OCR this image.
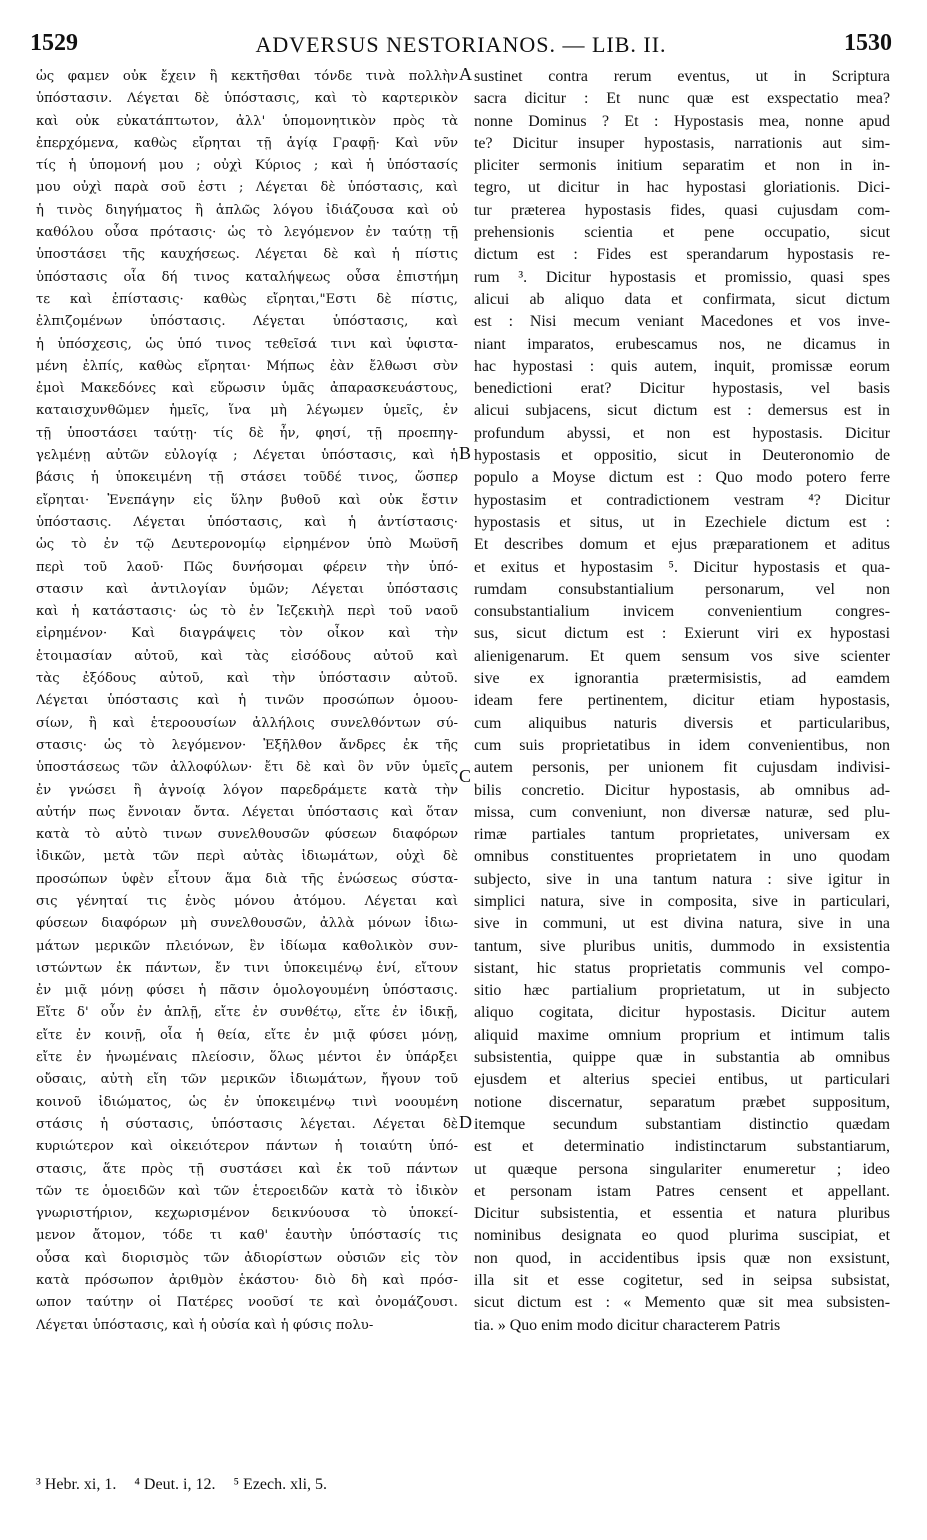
1529	ADVERSUS NESTORIANOS. — LIB. II.	1530
ὡς φαμεν οὐκ ἔχειν ἢ κεκτῆσθαι τόνδε τινὰ πολλὴν
ὑπόστασιν. Λέγεται δὲ ὑπόστασις, καὶ τὸ καρτερικὸν
καὶ οὐκ εὐκατάπτωτον, ἀλλ' ὑπομονητικὸν πρὸς τὰ
ἐπερχόμενα, καθὼς εἴρηται τῇ ἁγίᾳ Γραφῇ· Καὶ νῦν
τίς ἡ ὑπομονή μου ; οὐχὶ Κύριος ; καὶ ἡ ὑπόστασίς
μου οὐχὶ παρὰ σοῦ ἐστι ; Λέγεται δὲ ὑπόστασις, καὶ
ἡ τινὸς διηγήματος ἢ ἁπλῶς λόγου ἰδιάζουσα καὶ οὐ
καθόλου οὖσα πρότασις· ὡς τὸ λεγόμενον ἐν ταύτῃ τῇ
ὑποστάσει τῆς καυχήσεως. Λέγεται δὲ καὶ ἡ πίστις
ὑπόστασις οἷα δή τινος καταλήψεως οὖσα ἐπιστήμη
τε καὶ ἐπίστασις· καθὼς εἴρηται,"Εστι δὲ πίστις,
ἐλπιζομένων ὑπόστασις. Λέγεται ὑπόστασις, καὶ
ἡ ὑπόσχεσις, ὡς ὑπό τινος τεθεῖσά τινι καὶ ὑφιστα-
μένη ἐλπίς, καθὼς εἴρηται· Μήπως ἐὰν ἔλθωσι σὺν
ἐμοὶ Μακεδόνες καὶ εὕρωσιν ὑμᾶς ἀπαρασκευάστους,
καταισχυνθῶμεν ἡμεῖς, ἵνα μὴ λέγωμεν ὑμεῖς, ἐν
τῇ ὑποστάσει ταύτῃ· τίς δὲ ἦν, φησί, τῇ προεπηγ-
γελμένῃ αὐτῶν εὐλογίᾳ ; Λέγεται ὑπόστασις, καὶ ἡ
βάσις ἡ ὑποκειμένη τῇ στάσει τοῦδέ τινος, ὥσπερ
εἴρηται· Ἐνεπάγην εἰς ὕλην βυθοῦ καὶ οὐκ ἔστιν
ὑπόστασις. Λέγεται ὑπόστασις, καὶ ἡ ἀντίστασις·
ὡς τὸ ἐν τῷ Δευτερονομίῳ εἰρημένον ὑπὸ Μωϋσῆ
περὶ τοῦ λαοῦ· Πῶς δυνήσομαι φέρειν τὴν ὑπό-
στασιν καὶ ἀντιλογίαν ὑμῶν; Λέγεται ὑπόστασις
καὶ ἡ κατάστασις· ὡς τὸ ἐν Ἰεζεκιὴλ περὶ τοῦ ναοῦ
εἰρημένον· Καὶ διαγράψεις τὸν οἶκον καὶ τὴν
ἑτοιμασίαν αὐτοῦ, καὶ τὰς εἰσόδους αὐτοῦ καὶ
τὰς ἐξόδους αὐτοῦ, καὶ τὴν ὑπόστασιν αὐτοῦ.
Λέγεται ὑπόστασις καὶ ἡ τινῶν προσώπων ὁμοου-
σίων, ἢ καὶ ἑτεροουσίων ἀλλήλοις συνελθόντων σύ-
στασις· ὡς τὸ λεγόμενον· Ἐξῆλθον ἄνδρες ἐκ τῆς
ὑποστάσεως τῶν ἀλλοφύλων· ἔτι δὲ καὶ ὃν νῦν ὑμεῖς
ἐν γνώσει ἢ ἀγνοίᾳ λόγον παρεδράμετε κατὰ τὴν
αὐτήν πως ἔννοιαν ὄντα. Λέγεται ὑπόστασις καὶ ὅταν
κατὰ τὸ αὐτὸ τινων συνελθουσῶν φύσεων διαφόρων
ἰδικῶν, μετὰ τῶν περὶ αὐτὰς ἰδιωμάτων, οὐχὶ δὲ
προσώπων ὑφὲν εἶτουν ἅμα διὰ τῆς ἑνώσεως σύστα-
σις γένηταί τις ἑνὸς μόνου ἀτόμου. Λέγεται καὶ
φύσεων διαφόρων μὴ συνελθουσῶν, ἀλλὰ μόνων ἰδιω-
μάτων μερικῶν πλειόνων, ἓν ἰδίωμα καθολικὸν συν-
ιστώντων ἐκ πάντων, ἔν τινι ὑποκειμένῳ ἑνί, εἴτουν
ἐν μιᾷ μόνῃ φύσει ἡ πᾶσιν ὁμολογουμένη ὑπόστασις.
Εἴτε δ' οὖν ἐν ἁπλῇ, εἴτε ἐν συνθέτῳ, εἴτε ἐν ἰδικῇ,
εἴτε ἐν κοινῇ, οἷα ἡ θεία, εἴτε ἐν μιᾷ φύσει μόνῃ,
εἴτε ἐν ἡνωμέναις πλείοσιν, ὅλως μέντοι ἐν ὑπάρξει
οὔσαις, αὐτὴ εἴη τῶν μερικῶν ἰδιωμάτων, ἤγουν τοῦ
κοινοῦ ἰδιώματος, ὡς ἐν ὑποκειμένῳ τινὶ νοουμένη
στάσις ἡ σύστασις, ὑπόστασις λέγεται. Λέγεται δὲ
κυριώτερον καὶ οἰκειότερον πάντων ἡ τοιαύτη ὑπό-
στασις, ἅτε πρὸς τῇ συστάσει καὶ ἐκ τοῦ πάντων
τῶν τε ὁμοειδῶν καὶ τῶν ἑτεροειδῶν κατὰ τὸ ἰδικὸν
γνωριστήριον, κεχωρισμένον δεικνύουσα τὸ ὑποκεί-
μενον ἄτομον, τόδε τι καθ' ἑαυτὴν ὑπόστασίς τις
οὖσα καὶ διορισμὸς τῶν ἀδιορίστων οὐσιῶν εἰς τὸν
κατὰ πρόσωπον ἀριθμὸν ἑκάστου· διὸ δὴ καὶ πρόσ-
ωπον ταύτην οἱ Πατέρες νοοῦσί τε καὶ ὀνομάζουσι.
Λέγεται ὑπόστασις, καὶ ἡ οὐσία καὶ ἡ φύσις πολυ-
sustinet contra rerum eventus, ut in Scriptura
sacra dicitur : Et nunc quæ est exspectatio mea?
nonne Dominus ? Et : Hypostasis mea, nonne apud
te? Dicitur insuper hypostasis, narrationis aut sim-
pliciter sermonis initium separatim et non in in-
tegro, ut dicitur in hac hypostasi gloriationis. Dici-
tur præterea hypostasis fides, quasi cujusdam com-
prehensionis scientia et pene occupatio, sicut
dictum est : Fides est sperandarum hypostasis re-
rum ³. Dicitur hypostasis et promissio, quasi spes
alicui ab aliquo data et confirmata, sicut dictum
est : Nisi mecum veniant Macedones et vos inve-
niant imparatos, erubescamus nos, ne dicamus in
hac hypostasi : quis autem, inquit, promissæ eorum
benedictioni erat? Dicitur hypostasis, vel basis
alicui subjacens, sicut dictum est : demersus est in
profundum abyssi, et non est hypostasis. Dicitur
hypostasis et oppositio, sicut in Deuteronomio de
populo a Moyse dictum est : Quo modo potero ferre
hypostasim et contradictionem vestram ⁴? Dicitur
hypostasis et situs, ut in Ezechiele dictum est :
Et describes domum et ejus præparationem et aditus
et exitus et hypostasim ⁵. Dicitur hypostasis et qua-
rumdam consubstantialium personarum, vel non
consubstantialium invicem convenientium congres-
sus, sicut dictum est : Exierunt viri ex hypostasi
alienigenarum. Et quem sensum vos sive scienter
sive ex ignorantia prætermisistis, ad eamdem
ideam fere pertinentem, dicitur etiam hypostasis,
cum aliquibus naturis diversis et particularibus,
cum suis proprietatibus in idem convenientibus, non
autem personis, per unionem fit cujusdam indivisi-
bilis concretio. Dicitur hypostasis, ab omnibus ad-
missa, cum conveniunt, non diversæ naturæ, sed plu-
rimæ partiales tantum proprietates, universam ex
omnibus constituentes proprietatem in uno quodam
subjecto, sive in una tantum natura : sive igitur in
simplici natura, sive in composita, sive in particulari,
sive in communi, ut est divina natura, sive in una
tantum, sive pluribus unitis, dummodo in exsistentia
sistant, hic status proprietatis communis vel compo-
sitio hæc partialium proprietatum, ut in subjecto
aliquo cogitata, dicitur hypostasis. Dicitur autem
aliquid maxime omnium proprium et intimum talis
subsistentia, quippe quæ in substantia ab omnibus
ejusdem et alterius speciei entibus, ut particulari
notione discernatur, separatum præbet suppositum,
itemque secundum substantiam distinctio quædam
est et determinatio indistinctarum substantiarum,
ut quæque persona singulariter enumeretur ; ideo
et personam istam Patres censent et appellant.
Dicitur subsistentia, et essentia et natura pluribus
nominibus designata eo quod plurima suscipiat, et
non quod, in accidentibus ipsis quæ non exsistunt,
illa sit et esse cogitetur, sed in seipsa subsistat,
sicut dictum est : « Memento quæ sit mea subsisten-
tia. » Quo enim modo dicitur characterem Patris
A
B
C
D
³ Hebr. xi, 1. ⁴ Deut. i, 12. ⁵ Ezech. xli, 5.
